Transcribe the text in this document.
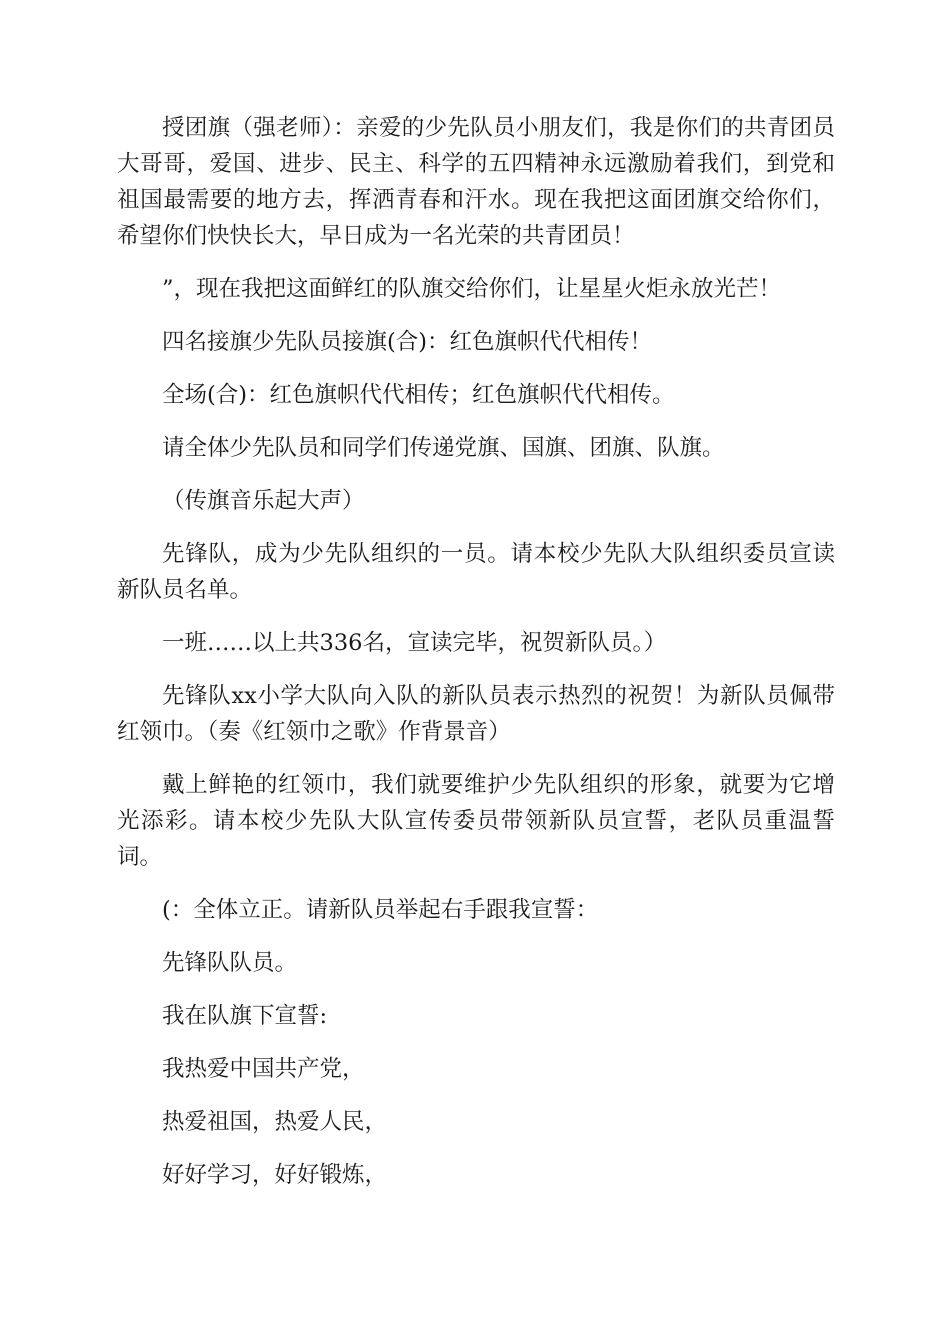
授团旗（强老师）：亲爱的少先队员小朋友们，我是你们的共青团员大哥哥，爱国、进步、民主、科学的五四精神永远激励着我们，到党和祖国最需要的地方去，挥洒青春和汗水。现在我把这面团旗交给你们，希望你们快快长大，早日成为一名光荣的共青团员！

”，现在我把这面鲜红的队旗交给你们，让星星火炬永放光芒！

四名接旗少先队员接旗(合)：红色旗帜代代相传！

全场(合)：红色旗帜代代相传；红色旗帜代代相传。

请全体少先队员和同学们传递党旗、国旗、团旗、队旗。

（传旗音乐起大声）

先锋队，成为少先队组织的一员。请本校少先队大队组织委员宣读新队员名单。

一班……以上共336名，宣读完毕，祝贺新队员。）

先锋队xx小学大队向入队的新队员表示热烈的祝贺！为新队员佩带红领巾。（奏《红领巾之歌》作背景音）

戴上鲜艳的红领巾，我们就要维护少先队组织的形象，就要为它增光添彩。请本校少先队大队宣传委员带领新队员宣誓，老队员重温誓词。

(：全体立正。请新队员举起右手跟我宣誓：

先锋队队员。

我在队旗下宣誓:

我热爱中国共产党，

热爱祖国，热爱人民，

好好学习，好好锻炼，
